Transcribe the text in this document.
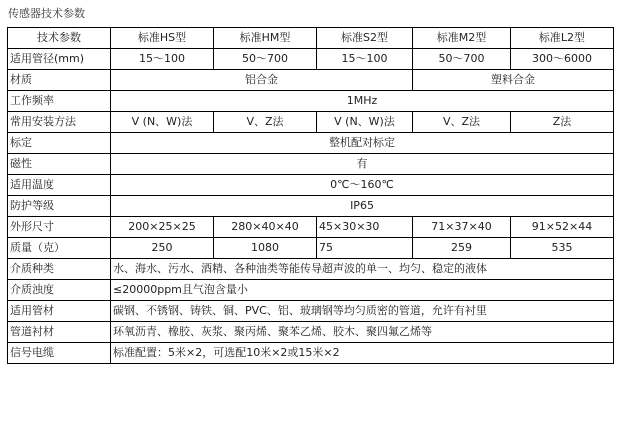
传感器技术参数
技术参数	标准HS型	标准HM型	标准S2型	标准M2型	标准L2型
适用管径(mm)	15～100	50～700	15～100	50～700	300～6000
材质	铝合金			塑料合金	
工作频率	1MHz				
常用安装方法	V (N、W)法	V、Z法	V (N、W)法	V、Z法	Z法
标定	整机配对标定				
磁性	有				
适用温度	0℃～160℃				
防护等级	IP65				
外形尺寸	200×25×25	280×40×40	45×30×30	71×37×40	91×52×44
质量（克）	250	1080	75	259	535
介质种类	水、海水、污水、酒精、各种油类等能传导超声波的单一、均匀、稳定的液体				
介质浊度	≤20000ppm且气泡含量小				
适用管材	碳钢、不锈钢、铸铁、铜、PVC、铝、玻璃钢等均匀质密的管道，允许有衬里				
管道衬材	环氧沥青、橡胶、灰浆、聚丙烯、聚苯乙烯、胶木、聚四氟乙烯等				
信号电缆	标准配置：5米×2，可选配10米×2或15米×2				
